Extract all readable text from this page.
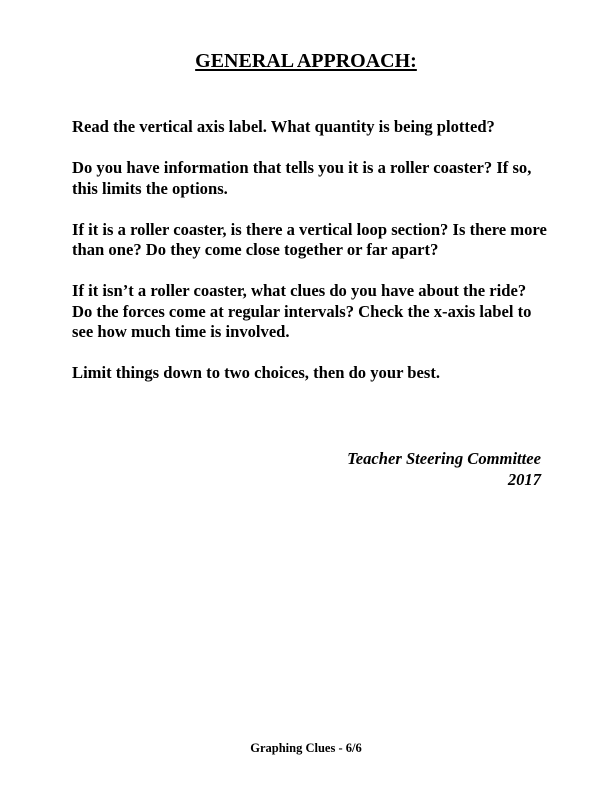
GENERAL APPROACH:

Read the vertical axis label. What quantity is being plotted?

Do you have information that tells you it is a roller coaster? If so, this limits the options.

If it is a roller coaster, is there a vertical loop section? Is there more than one? Do they come close together or far apart?

If it isn’t a roller coaster, what clues do you have about the ride? Do the forces come at regular intervals? Check the x-axis label to see how much time is involved.

Limit things down to two choices, then do your best.

Teacher Steering Committee
2017
Graphing Clues - 6/6
